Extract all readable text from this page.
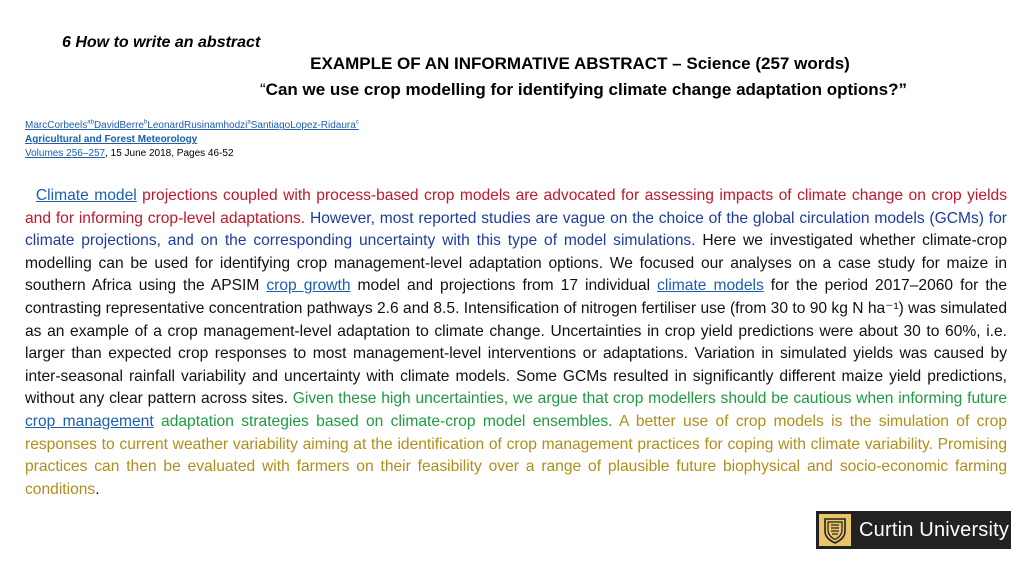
6 How to write an abstract
EXAMPLE OF AN INFORMATIVE ABSTRACT – Science (257 words)
“Can we use crop modelling for identifying climate change adaptation options?”
MarcCorbeels$^{ab}$DavidBerre$^b$LeonardRusinamhodzi$^a$SantiagoLopez-Ridaura$^c$
Agricultural and Forest Meteorology
Volumes 256–257, 15 June 2018, Pages 46-52
Climate model projections coupled with process-based crop models are advocated for assessing impacts of climate change on crop yields and for informing crop-level adaptations. However, most reported studies are vague on the choice of the global circulation models (GCMs) for climate projections, and on the corresponding uncertainty with this type of model simulations. Here we investigated whether climate-crop modelling can be used for identifying crop management-level adaptation options. We focused our analyses on a case study for maize in southern Africa using the APSIM crop growth model and projections from 17 individual climate models for the period 2017–2060 for the contrasting representative concentration pathways 2.6 and 8.5. Intensification of nitrogen fertiliser use (from 30 to 90 kg N ha⁻¹) was simulated as an example of a crop management-level adaptation to climate change. Uncertainties in crop yield predictions were about 30 to 60%, i.e. larger than expected crop responses to most management-level interventions or adaptations. Variation in simulated yields was caused by inter-seasonal rainfall variability and uncertainty with climate models. Some GCMs resulted in significantly different maize yield predictions, without any clear pattern across sites. Given these high uncertainties, we argue that crop modellers should be cautious when informing future crop management adaptation strategies based on climate-crop model ensembles. A better use of crop models is the simulation of crop responses to current weather variability aiming at the identification of crop management practices for coping with climate variability. Promising practices can then be evaluated with farmers on their feasibility over a range of plausible future biophysical and socio-economic farming conditions.
Curtin University
